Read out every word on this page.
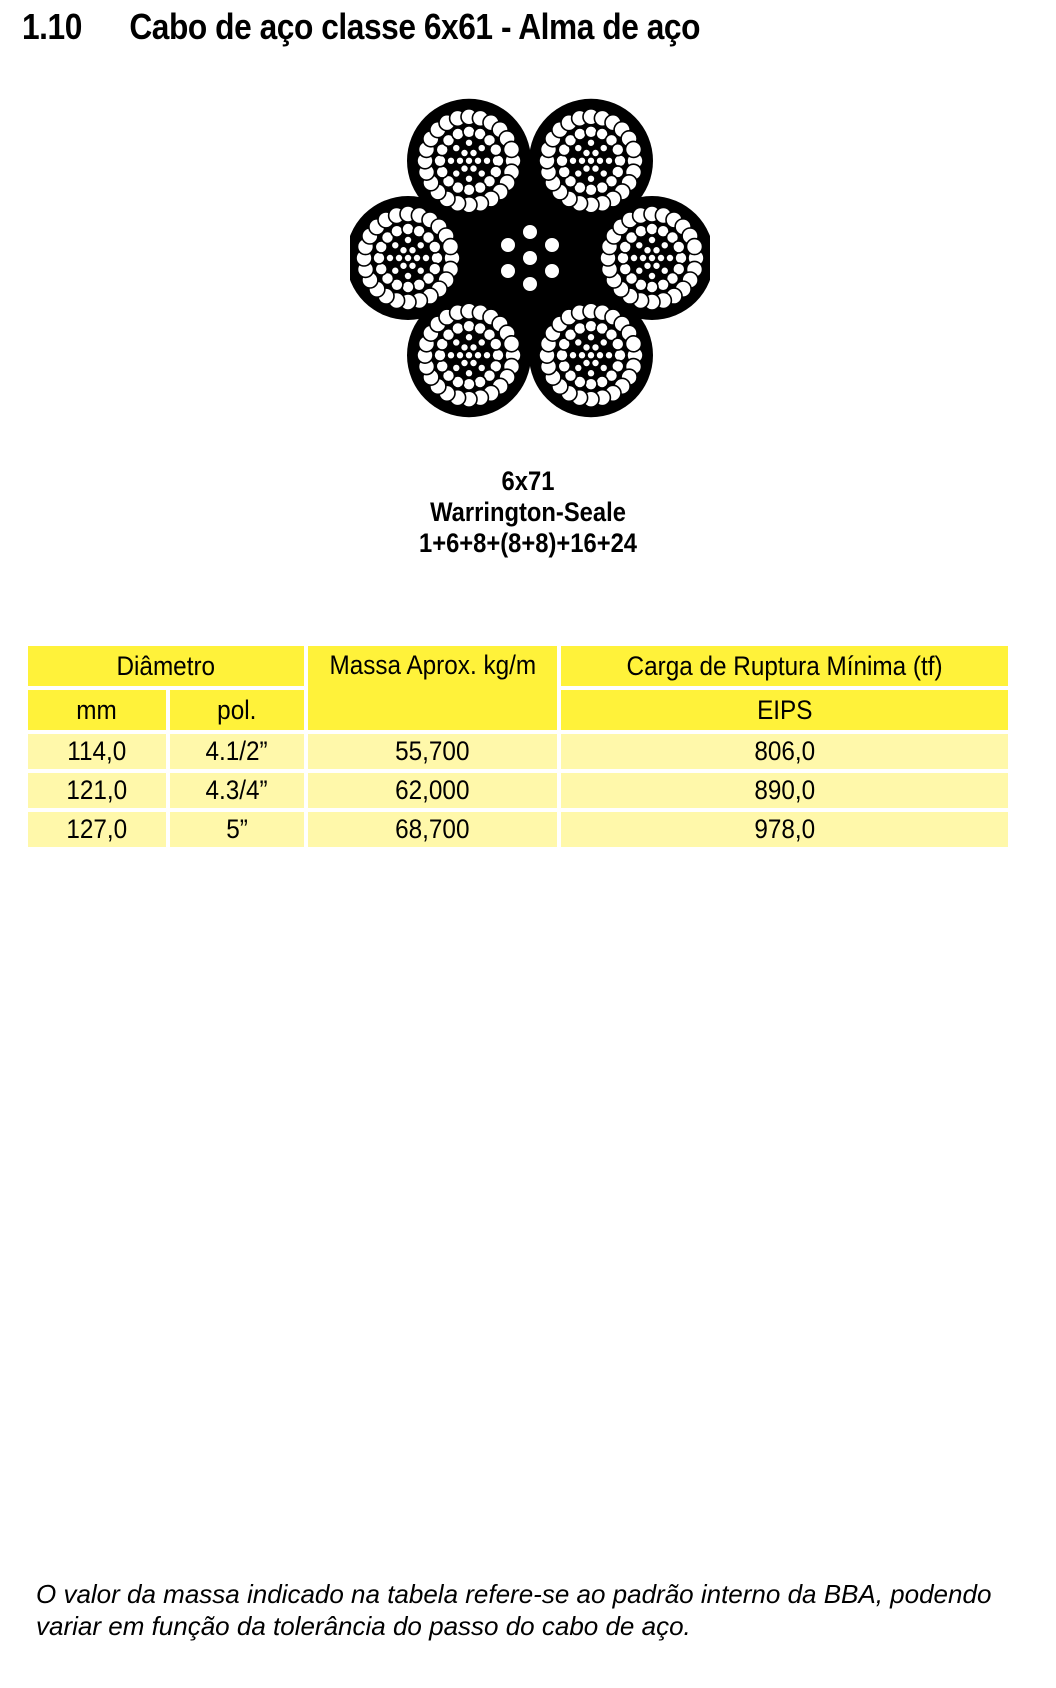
1.10 Cabo de aço classe 6x61 - Alma de aço
6x71
Warrington-Seale
1+6+8+(8+8)+16+24
Diâmetro		Massa Aprox. kg/m	Carga de Ruptura Mínima (tf)
mm	pol.		EIPS
114,0	4.1/2”	55,700	806,0
121,0	4.3/4”	62,000	890,0
127,0	5”	68,700	978,0
O valor da massa indicado na tabela refere-se ao padrão interno da BBA, podendo
variar em função da tolerância do passo do cabo de aço.
